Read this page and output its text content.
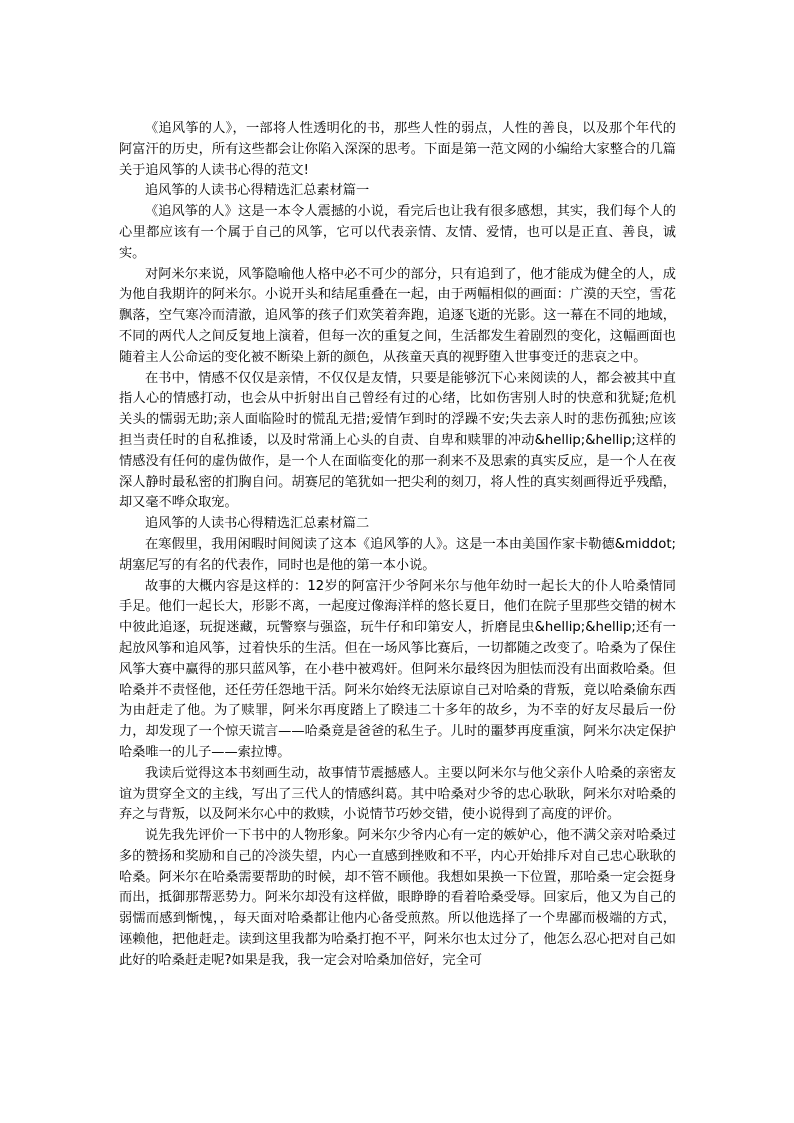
《追风筝的人》，一部将人性透明化的书，那些人性的弱点，人性的善良，以及那个年代的阿富汗的历史，所有这些都会让你陷入深深的思考。下面是第一范文网的小编给大家整合的几篇关于追风筝的人读书心得的范文!

追风筝的人读书心得精选汇总素材篇一

《追风筝的人》这是一本令人震撼的小说，看完后也让我有很多感想，其实，我们每个人的心里都应该有一个属于自己的风筝，它可以代表亲情、友情、爱情，也可以是正直、善良，诚实。

对阿米尔来说，风筝隐喻他人格中必不可少的部分，只有追到了，他才能成为健全的人，成为他自我期许的阿米尔。小说开头和结尾重叠在一起，由于两幅相似的画面：广漠的天空，雪花飘落，空气寒冷而清澈，追风筝的孩子们欢笑着奔跑，追逐飞逝的光影。这一幕在不同的地域，不同的两代人之间反复地上演着，但每一次的重复之间，生活都发生着剧烈的变化，这幅画面也随着主人公命运的变化被不断染上新的颜色，从孩童天真的视野堕入世事变迁的悲哀之中。

在书中，情感不仅仅是亲情，不仅仅是友情，只要是能够沉下心来阅读的人，都会被其中直指人心的情感打动，也会从中折射出自己曾经有过的心绪，比如伤害别人时的快意和犹疑;危机关头的懦弱无助;亲人面临险时的慌乱无措;爱情乍到时的浮躁不安;失去亲人时的悲伤孤独;应该担当责任时的自私推诿，以及时常涌上心头的自责、自卑和赎罪的冲动&hellip;&hellip;这样的情感没有任何的虚伪做作，是一个人在面临变化的那一刹来不及思索的真实反应，是一个人在夜深人静时最私密的扪胸自问。胡赛尼的笔犹如一把尖利的刻刀，将人性的真实刻画得近乎残酷，却又毫不哗众取宠。

追风筝的人读书心得精选汇总素材篇二

在寒假里，我用闲暇时间阅读了这本《追风筝的人》。这是一本由美国作家卡勒德&middot;胡塞尼写的有名的代表作，同时也是他的第一本小说。

故事的大概内容是这样的：12岁的阿富汗少爷阿米尔与他年幼时一起长大的仆人哈桑情同手足。他们一起长大，形影不离，一起度过像海洋样的悠长夏日，他们在院子里那些交错的树木中彼此追逐，玩捉迷藏，玩警察与强盗，玩牛仔和印第安人，折磨昆虫&hellip;&hellip;还有一起放风筝和追风筝，过着快乐的生活。但在一场风筝比赛后，一切都随之改变了。哈桑为了保住风筝大赛中赢得的那只蓝风筝，在小巷中被鸡奸。但阿米尔最终因为胆怯而没有出面救哈桑。但哈桑并不责怪他，还任劳任怨地干活。阿米尔始终无法原谅自己对哈桑的背叛，竟以哈桑偷东西为由赶走了他。为了赎罪，阿米尔再度踏上了睽违二十多年的故乡，为不幸的好友尽最后一份力，却发现了一个惊天谎言——哈桑竟是爸爸的私生子。儿时的噩梦再度重演，阿米尔决定保护哈桑唯一的儿子——索拉博。

我读后觉得这本书刻画生动，故事情节震撼感人。主要以阿米尔与他父亲仆人哈桑的亲密友谊为贯穿全文的主线，写出了三代人的情感纠葛。其中哈桑对少爷的忠心耿耿，阿米尔对哈桑的弃之与背叛，以及阿米尔心中的救赎，小说情节巧妙交错，使小说得到了高度的评价。

说先我先评价一下书中的人物形象。阿米尔少爷内心有一定的嫉妒心，他不满父亲对哈桑过多的赞扬和奖励和自己的冷淡失望，内心一直感到挫败和不平，内心开始排斥对自己忠心耿耿的哈桑。阿米尔在哈桑需要帮助的时候，却不管不顾他。我想如果换一下位置，那哈桑一定会挺身而出，抵御那帮恶势力。阿米尔却没有这样做，眼睁睁的看着哈桑受辱。回家后，他又为自己的弱懦而感到惭愧，，每天面对哈桑都让他内心备受煎熬。所以他选择了一个卑鄙而极端的方式，诬赖他，把他赶走。读到这里我都为哈桑打抱不平，阿米尔也太过分了，他怎么忍心把对自己如此好的哈桑赶走呢?如果是我，我一定会对哈桑加倍好，完全可
